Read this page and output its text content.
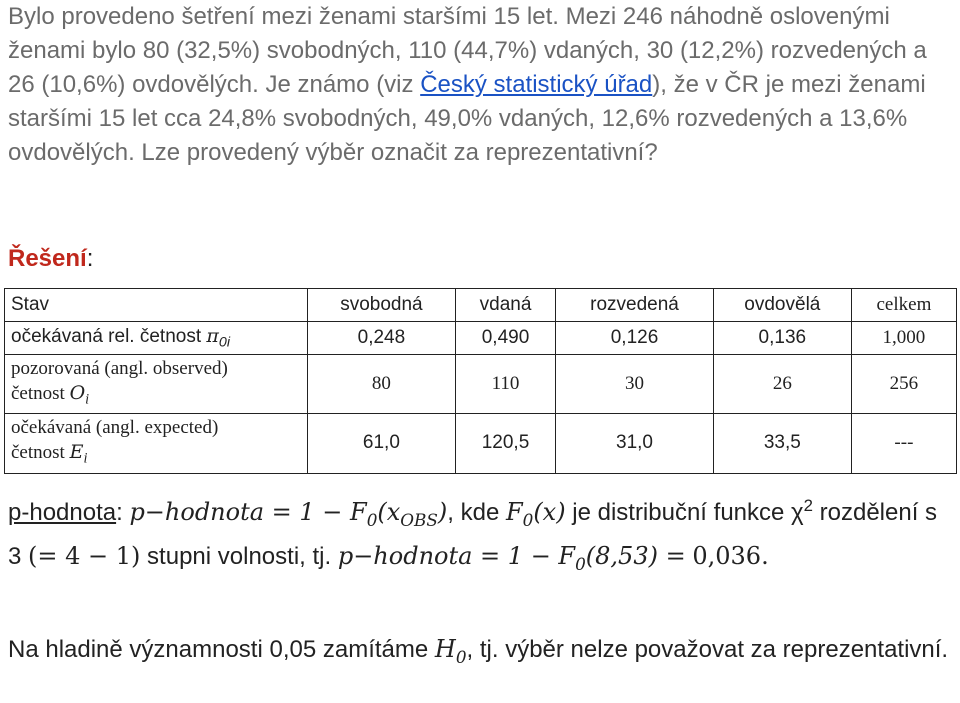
Bylo provedeno šetření mezi ženami staršími 15 let. Mezi 246 náhodně oslovenými ženami bylo 80 (32,5%) svobodných, 110 (44,7%) vdaných, 30 (12,2%) rozvedených a 26 (10,6%) ovdovělých. Je známo (viz Český statistický úřad), že v ČR je mezi ženami staršími 15 let cca 24,8% svobodných, 49,0% vdaných, 12,6% rozvedených a 13,6% ovdovělých. Lze provedený výběr označit za reprezentativní?
Řešení:
Stav	svobodná	vdaná	rozvedená	ovdovělá	celkem
očekávaná rel. četnost $\pi_{0i}$	0,248	0,490	0,126	0,136	1,000
pozorovaná (angl. observed)
četnost $O_i$	80	110	30	26	256
očekávaná (angl. expected)
četnost $E_i$	61,0	120,5	31,0	33,5	---
p-hodnota: p−hodnota = $1 - F_0(x_{OBS})$, kde $F_0(x)$ je distribuční funkce $\chi^2$ rozdělení s 3 (= 4 − 1) stupni volnosti, tj. p−hodnota = $1 - F_0(8,53) = 0,036$.
Na hladině významnosti 0,05 zamítáme $H_0$, tj. výběr nelze považovat za reprezentativní.
